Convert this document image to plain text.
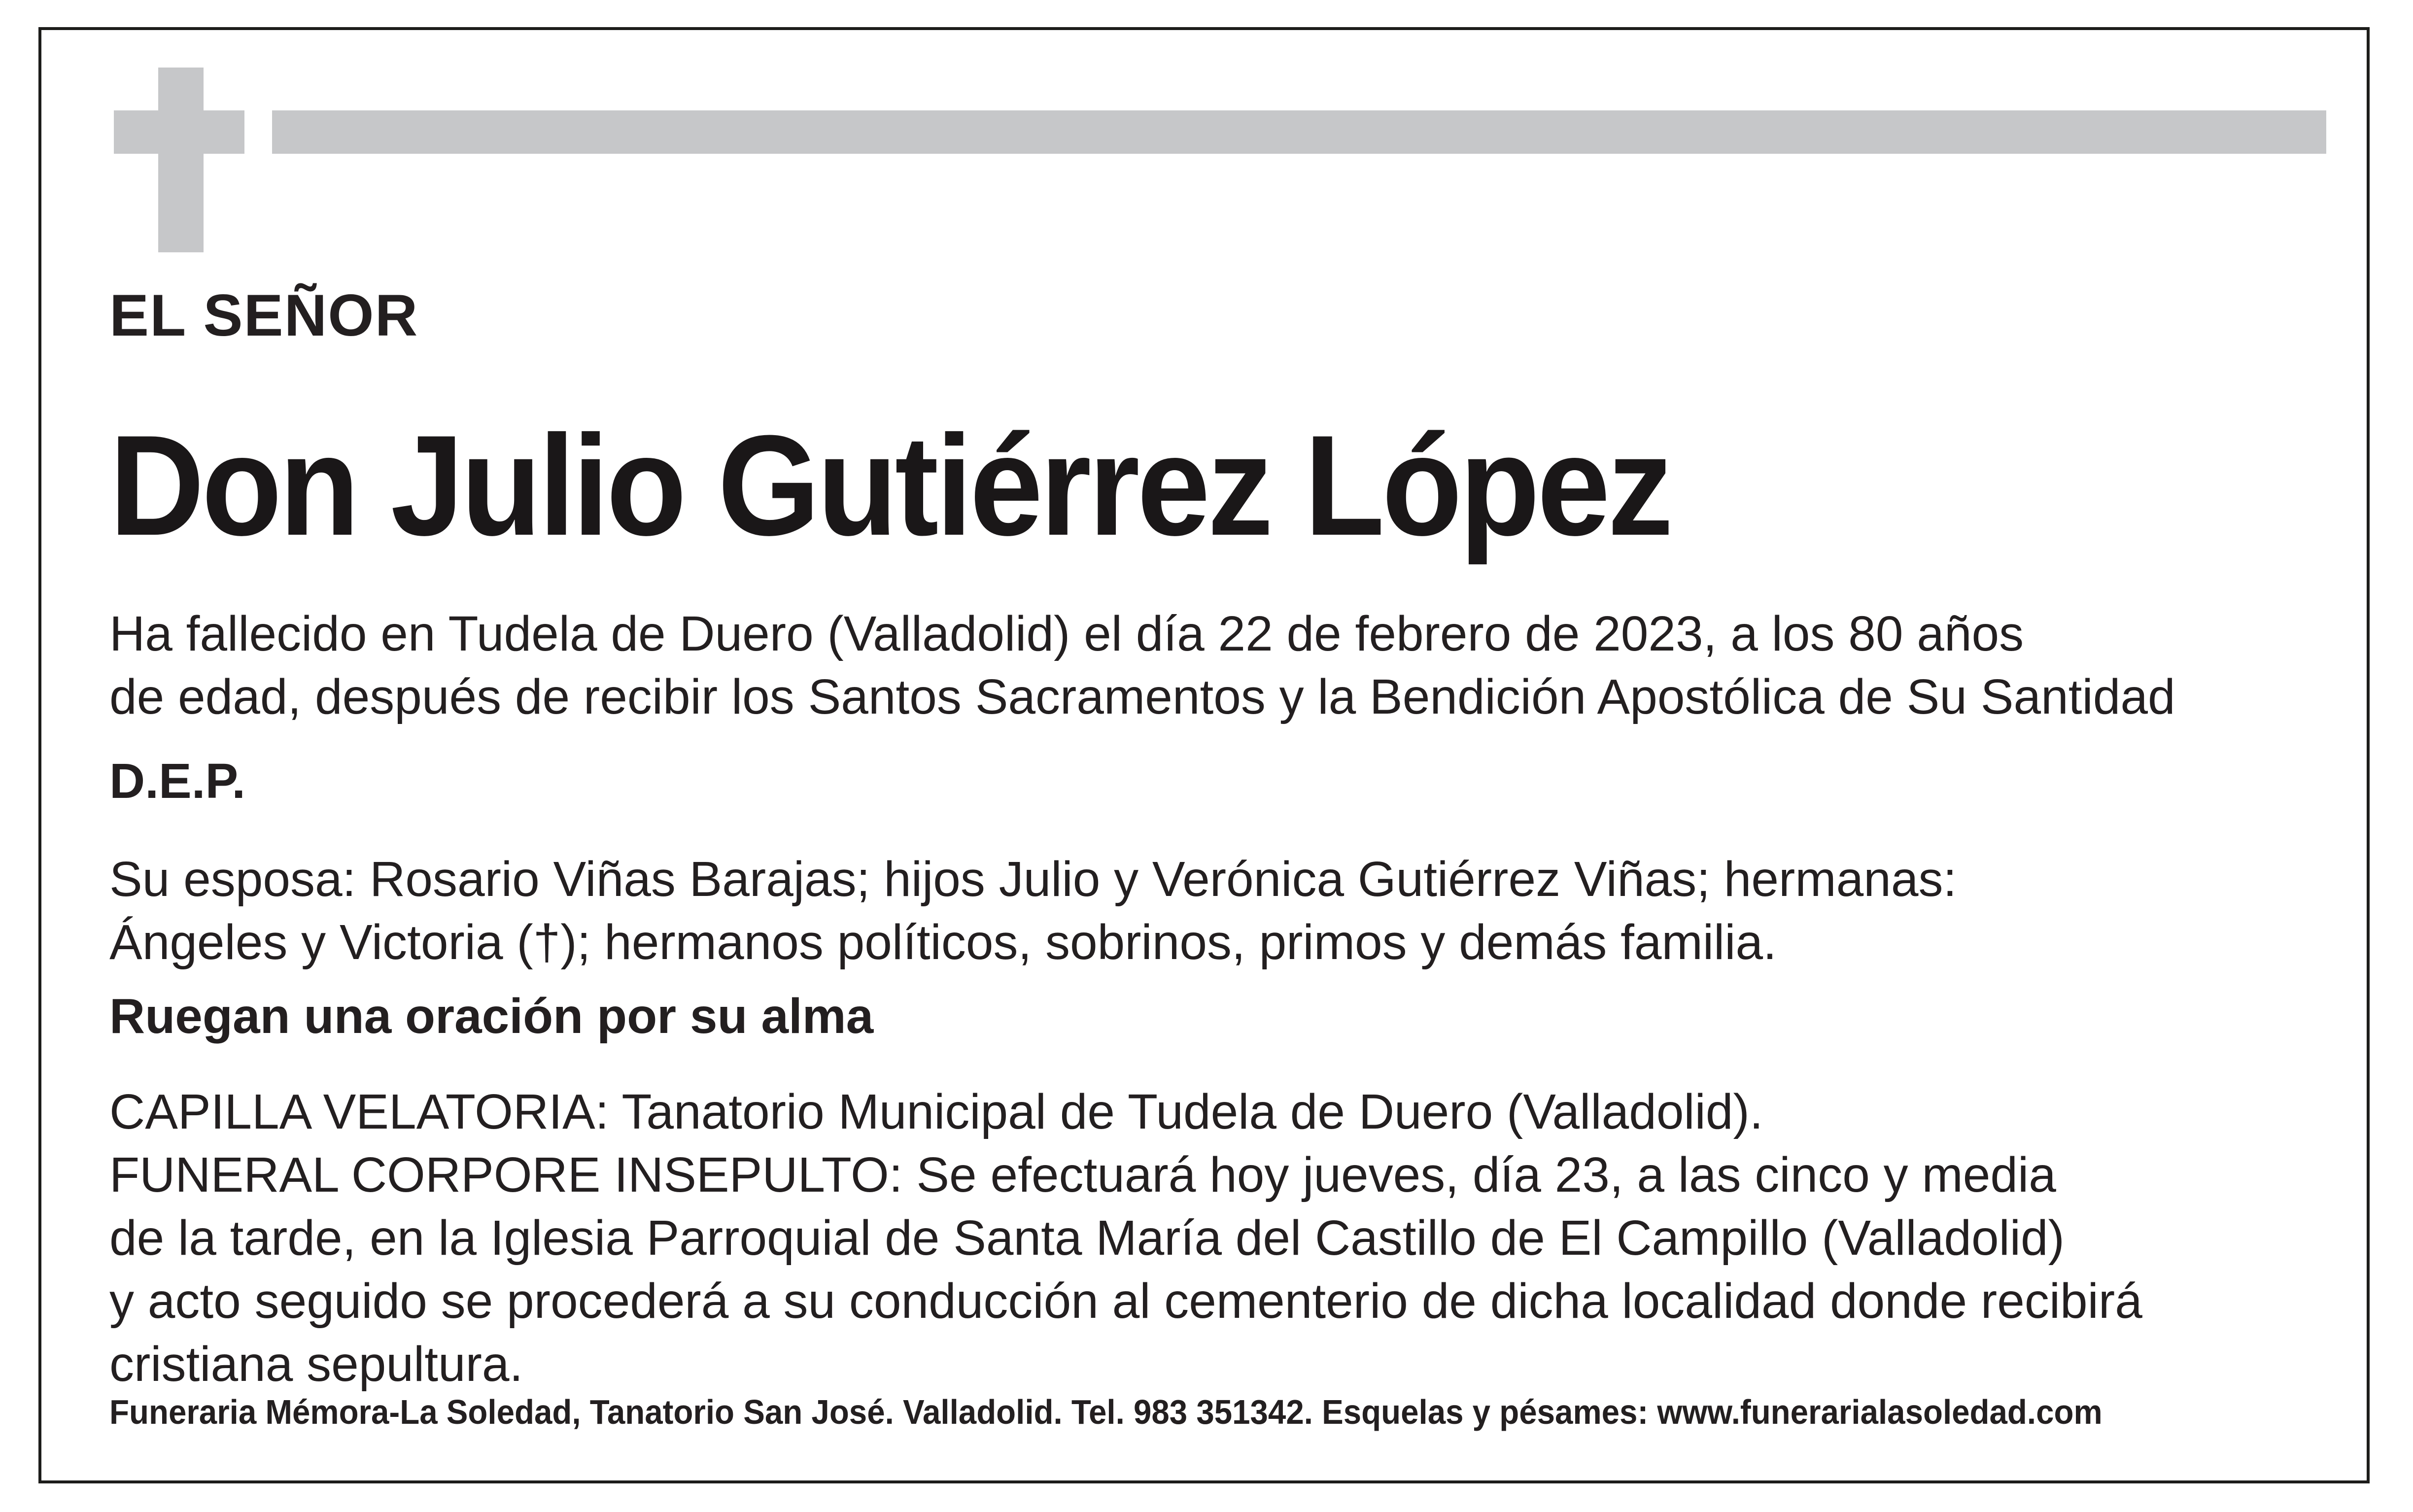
EL SEÑOR

Don Julio Gutiérrez López

Ha fallecido en Tudela de Duero (Valladolid) el día 22 de febrero de 2023, a los 80 años
de edad, después de recibir los Santos Sacramentos y la Bendición Apostólica de Su Santidad

D.E.P.

Su esposa: Rosario Viñas Barajas; hijos Julio y Verónica Gutiérrez Viñas; hermanas:
Ángeles y Victoria (†); hermanos políticos, sobrinos, primos y demás familia.

Ruegan una oración por su alma

CAPILLA VELATORIA: Tanatorio Municipal de Tudela de Duero (Valladolid).
FUNERAL CORPORE INSEPULTO: Se efectuará hoy jueves, día 23, a las cinco y media
de la tarde, en la Iglesia Parroquial de Santa María del Castillo de El Campillo (Valladolid)
y acto seguido se procederá a su conducción al cementerio de dicha localidad donde recibirá
cristiana sepultura.

Funeraria Mémora-La Soledad, Tanatorio San José. Valladolid. Tel. 983 351342. Esquelas y pésames: www.funerarialasoledad.com
